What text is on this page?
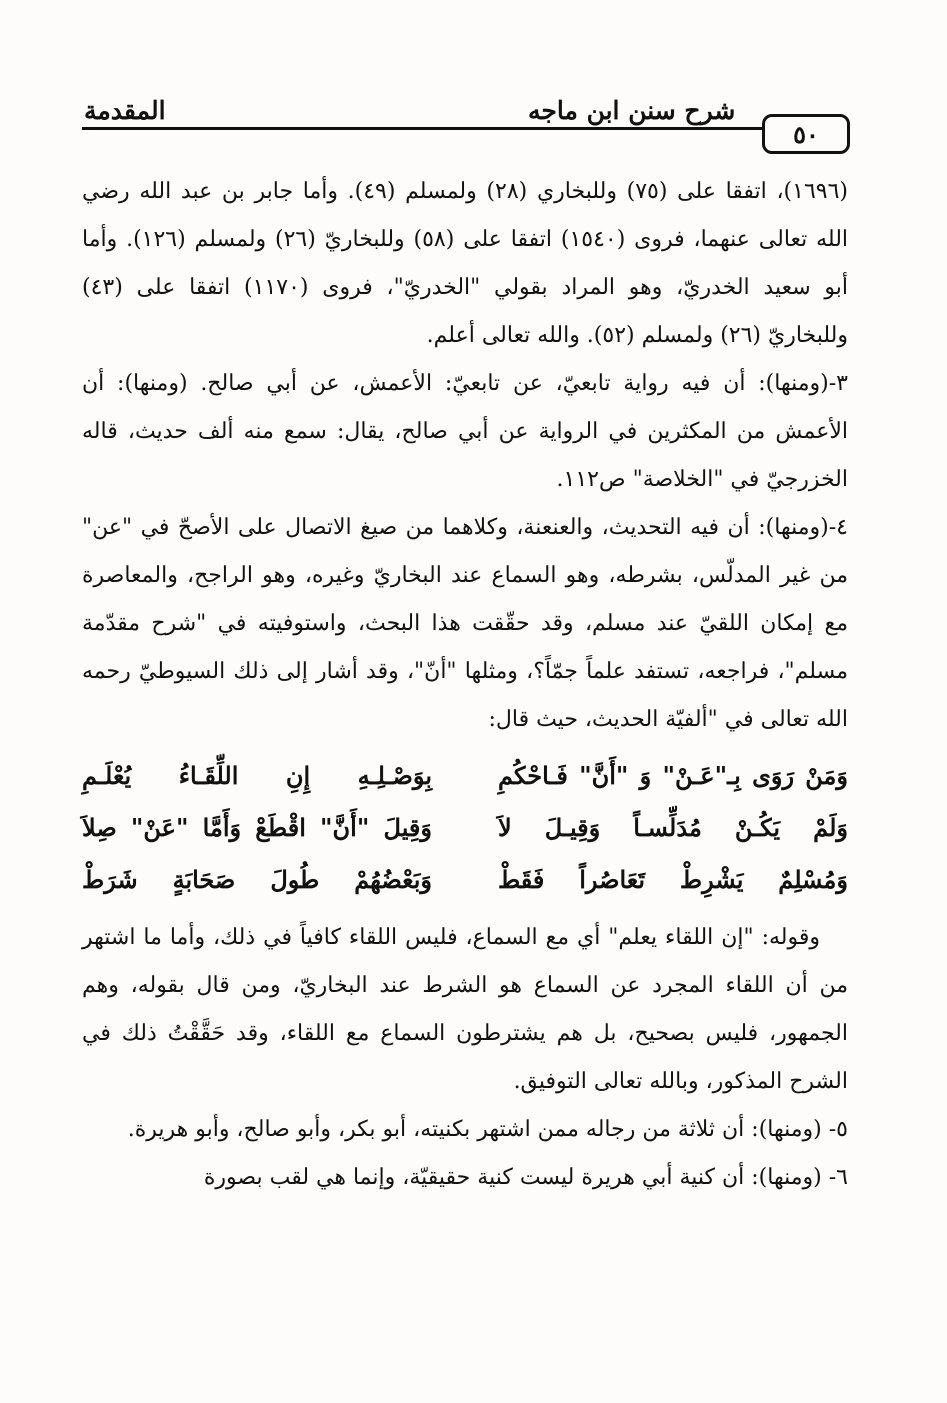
المقدمة	شرح سنن ابن ماجه
٥٠

(١٦٩٦)، اتفقا على (٧٥) وللبخاري (٢٨) ولمسلم (٤٩). وأما جابر بن عبد الله رضي الله تعالى عنهما، فروى (١٥٤٠) اتفقا على (٥٨) وللبخاريّ (٢٦) ولمسلم (١٢٦). وأما أبو سعيد الخدريّ، وهو المراد بقولي "الخدريّ"، فروى (١١٧٠) اتفقا على (٤٣) وللبخاريّ (٢٦) ولمسلم (٥٢). والله تعالى أعلم.

٣-(ومنها): أن فيه رواية تابعيّ، عن تابعيّ: الأعمش، عن أبي صالح. (ومنها): أن الأعمش من المكثرين في الرواية عن أبي صالح، يقال: سمع منه ألف حديث، قاله الخزرجيّ في "الخلاصة" ص١١٢.

٤-(ومنها): أن فيه التحديث، والعنعنة، وكلاهما من صيغ الاتصال على الأصحّ في "عن" من غير المدلّس، بشرطه، وهو السماع عند البخاريّ وغيره، وهو الراجح، والمعاصرة مع إمكان اللقيّ عند مسلم، وقد حقّقت هذا البحث، واستوفيته في "شرح مقدّمة مسلم"، فراجعه، تستفد علماً جمّاً؟، ومثلها "أنّ"، وقد أشار إلى ذلك السيوطيّ رحمه الله تعالى في "ألفيّة الحديث، حيث قال:

وَمَنْ رَوَى بِـ"عَـنْ" وَ "أَنَّ" فَـاحْكُمِ
بِوَصْـلِـهِ إِنِ اللِّقَـاءُ يُعْلَـمِ
وَلَمْ يَكُـنْ مُدَلِّسـاً وَقِيـلَ لاَ
وَقِيلَ "أَنَّ" اقْطَعْ وَأَمَّا "عَنْ" صِلاَ
وَمُسْلِمٌ يَشْرِطْ تَعَاصُراً فَقَطْ
وَبَعْضُهُمْ طُولَ صَحَابَةٍ شَرَطْ

وقوله: "إن اللقاء يعلم" أي مع السماع، فليس اللقاء كافياً في ذلك، وأما ما اشتهر من أن اللقاء المجرد عن السماع هو الشرط عند البخاريّ، ومن قال بقوله، وهم الجمهور، فليس بصحيح، بل هم يشترطون السماع مع اللقاء، وقد حَقَّقْتُ ذلك في الشرح المذكور، وبالله تعالى التوفيق.

٥- (ومنها): أن ثلاثة من رجاله ممن اشتهر بكنيته، أبو بكر، وأبو صالح، وأبو هريرة.

٦- (ومنها): أن كنية أبي هريرة ليست كنية حقيقيّة، وإنما هي لقب بصورة
